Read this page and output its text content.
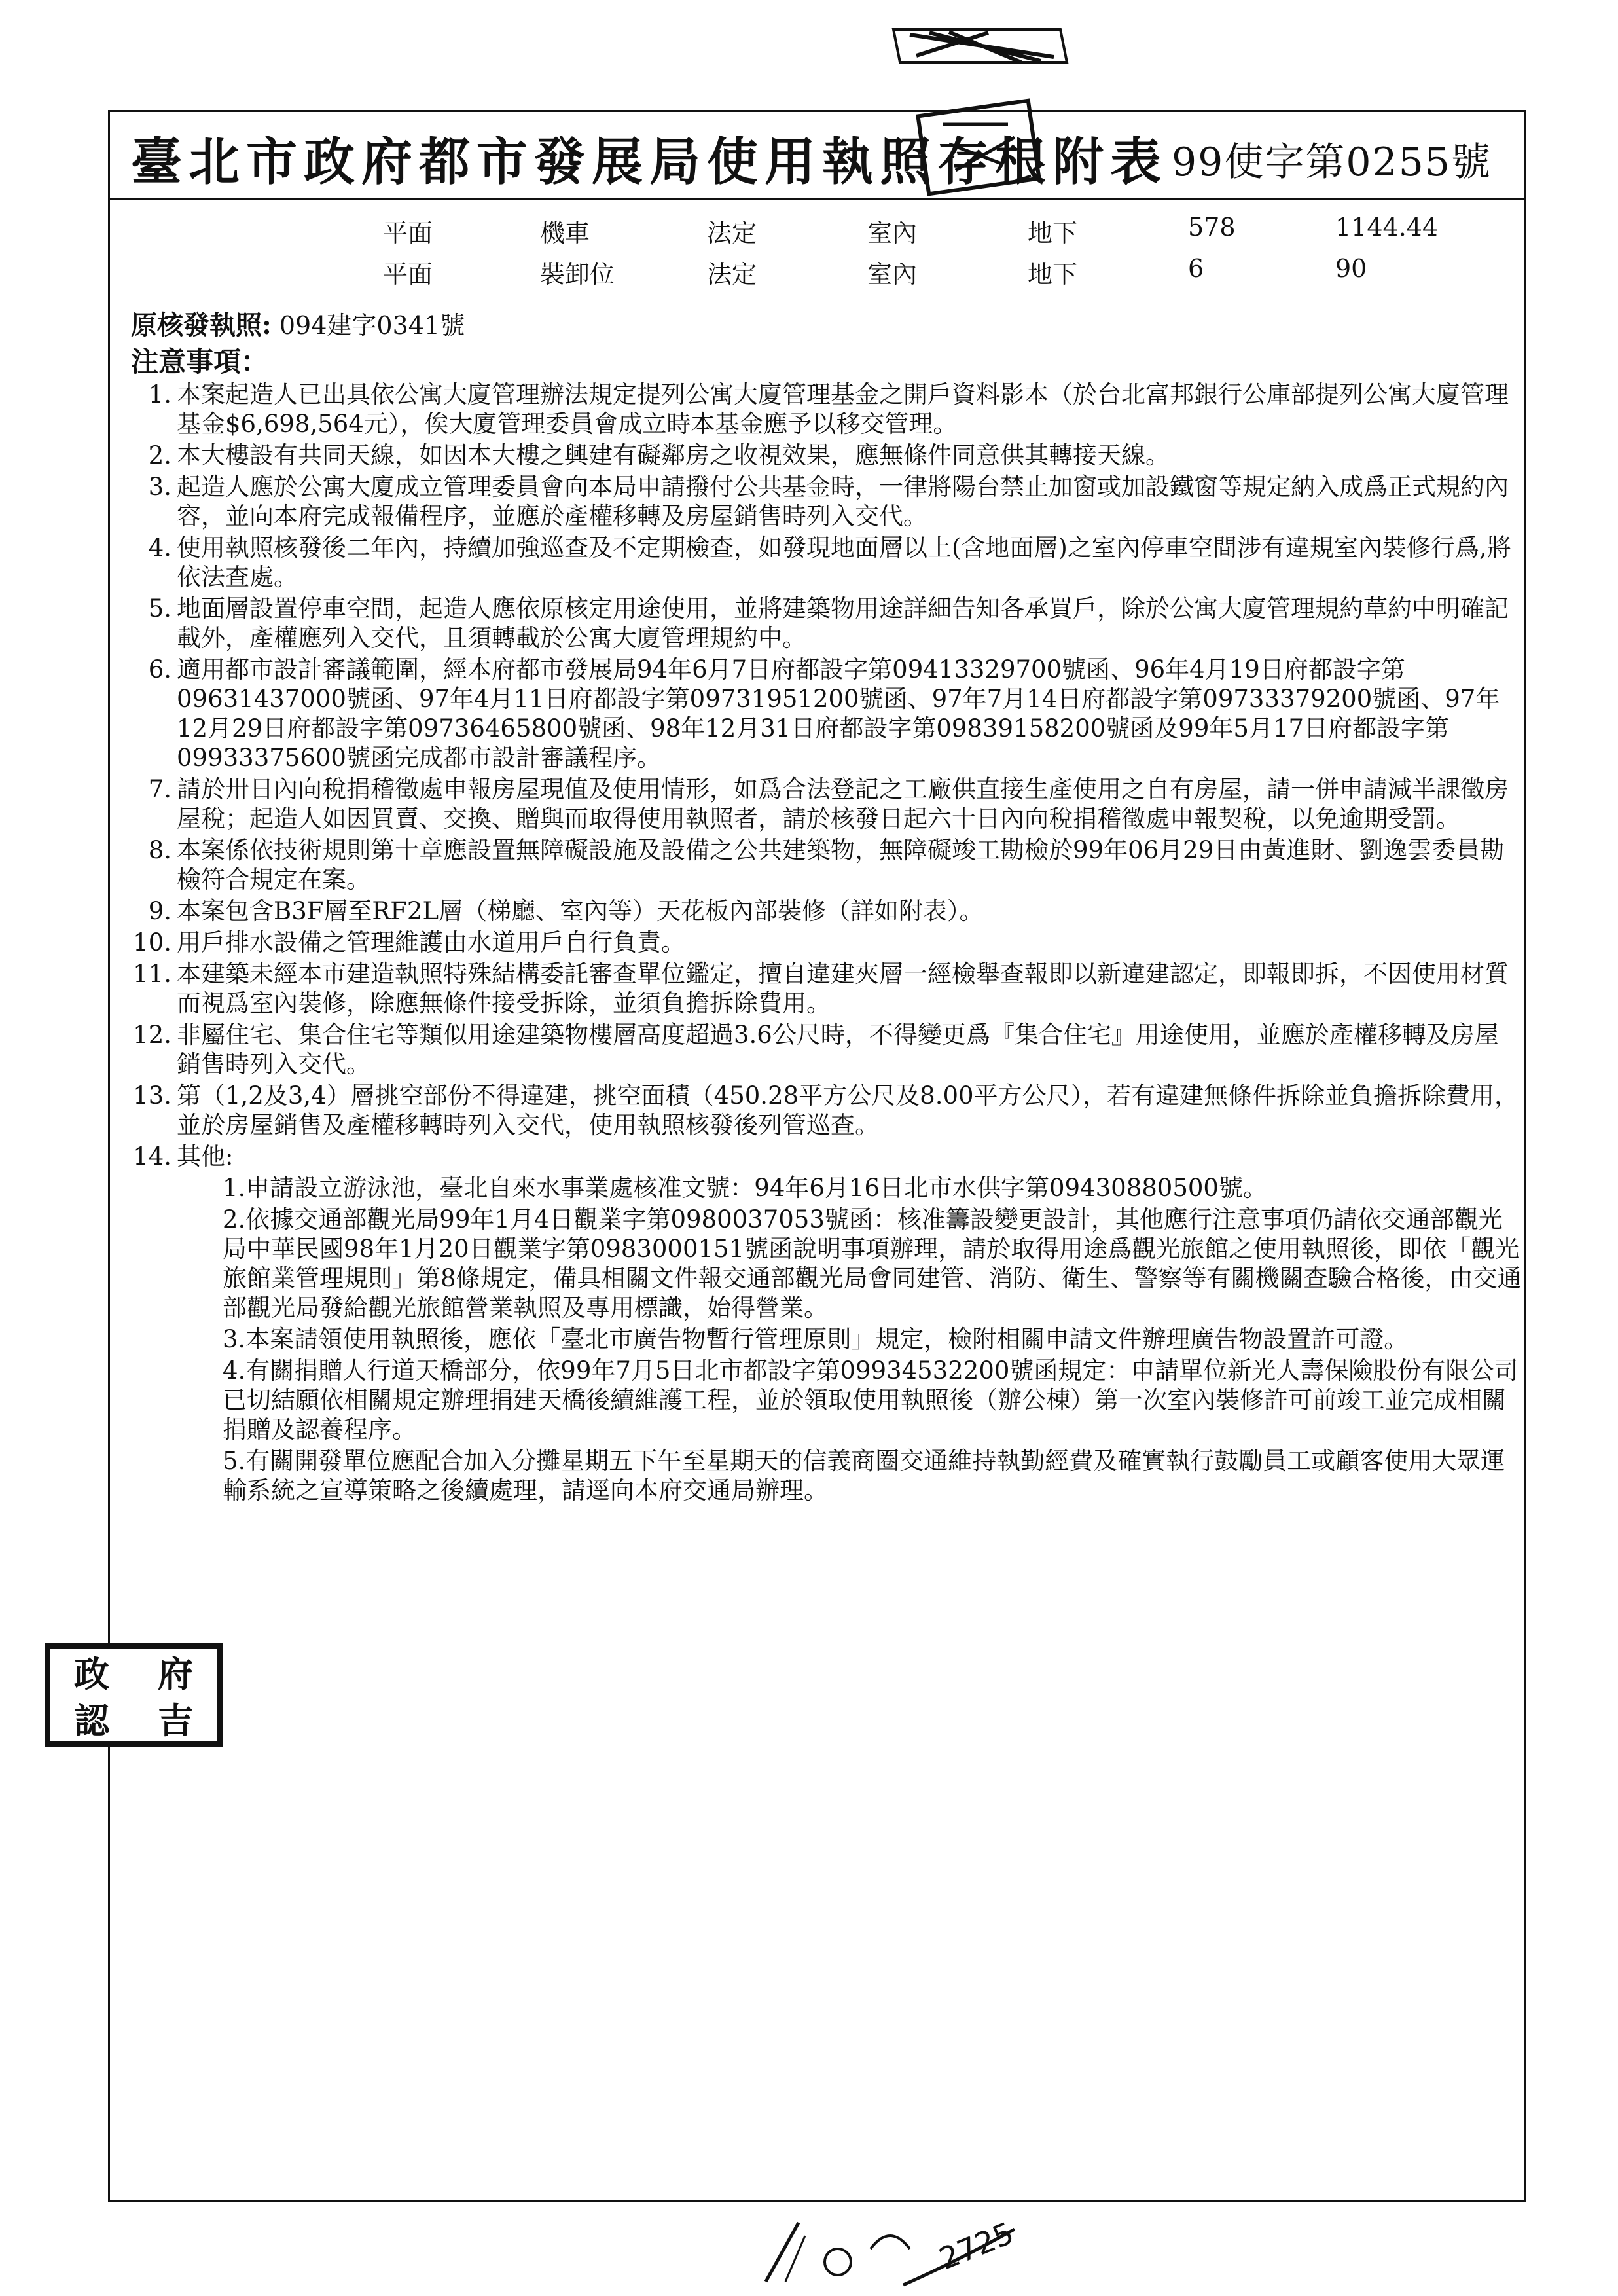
臺北市政府都市發展局使用執照存根附表 99使字第0255號
平面	機車	法定	室內	地下	578	1144.44
平面	裝卸位	法定	室內	地下	6	90
原核發執照: 094建字0341號
注意事項：
1. 本案起造人已出具依公寓大廈管理辦法規定提列公寓大廈管理基金之開戶資料影本（於台北富邦銀行公庫部提列公寓大廈管理基金$6,698,564元），俟大廈管理委員會成立時本基金應予以移交管理。
2. 本大樓設有共同天線，如因本大樓之興建有礙鄰房之收視效果，應無條件同意供其轉接天線。
3. 起造人應於公寓大廈成立管理委員會向本局申請撥付公共基金時，一律將陽台禁止加窗或加設鐵窗等規定納入成爲正式規約內容，並向本府完成報備程序，並應於產權移轉及房屋銷售時列入交代。
4. 使用執照核發後二年內，持續加強巡查及不定期檢查，如發現地面層以上(含地面層)之室內停車空間涉有違規室內裝修行爲,將依法查處。
5. 地面層設置停車空間，起造人應依原核定用途使用，並將建築物用途詳細告知各承買戶，除於公寓大廈管理規約草約中明確記載外，產權應列入交代，且須轉載於公寓大廈管理規約中。
6. 適用都市設計審議範圍，經本府都市發展局94年6月7日府都設字第09413329700號函、96年4月19日府都設字第09631437000號函、97年4月11日府都設字第09731951200號函、97年7月14日府都設字第09733379200號函、97年12月29日府都設字第09736465800號函、98年12月31日府都設字第09839158200號函及99年5月17日府都設字第09933375600號函完成都市設計審議程序。
7. 請於卅日內向稅捐稽徵處申報房屋現值及使用情形，如爲合法登記之工廠供直接生產使用之自有房屋，請一併申請減半課徵房屋稅；起造人如因買賣、交換、贈與而取得使用執照者，請於核發日起六十日內向稅捐稽徵處申報契稅，以免逾期受罰。
8. 本案係依技術規則第十章應設置無障礙設施及設備之公共建築物，無障礙竣工勘檢於99年06月29日由黃進財、劉逸雲委員勘檢符合規定在案。
9. 本案包含B3F層至RF2L層（梯廳、室內等）天花板內部裝修（詳如附表）。
10. 用戶排水設備之管理維護由水道用戶自行負責。
11. 本建築未經本市建造執照特殊結構委託審查單位鑑定，擅自違建夾層一經檢舉查報即以新違建認定，即報即拆，不因使用材質而視爲室內裝修，除應無條件接受拆除，並須負擔拆除費用。
12. 非屬住宅、集合住宅等類似用途建築物樓層高度超過3.6公尺時，不得變更爲『集合住宅』用途使用，並應於產權移轉及房屋銷售時列入交代。
13. 第（1,2及3,4）層挑空部份不得違建，挑空面積（450.28平方公尺及8.00平方公尺），若有違建無條件拆除並負擔拆除費用，並於房屋銷售及產權移轉時列入交代，使用執照核發後列管巡查。
14. 其他:
1.申請設立游泳池，臺北自來水事業處核准文號：94年6月16日北市水供字第09430880500號。
2.依據交通部觀光局99年1月4日觀業字第0980037053號函：核准籌設變更設計，其他應行注意事項仍請依交通部觀光局中華民國98年1月20日觀業字第0983000151號函說明事項辦理，請於取得用途爲觀光旅館之使用執照後，即依「觀光旅館業管理規則」第8條規定，備具相關文件報交通部觀光局會同建管、消防、衛生、警察等有關機關查驗合格後，由交通部觀光局發給觀光旅館營業執照及專用標識，始得營業。
3.本案請領使用執照後，應依「臺北市廣告物暫行管理原則」規定，檢附相關申請文件辦理廣告物設置許可證。
4.有關捐贈人行道天橋部分，依99年7月5日北市都設字第09934532200號函規定：申請單位新光人壽保險股份有限公司已切結願依相關規定辦理捐建天橋後續維護工程，並於領取使用執照後（辦公棟）第一次室內裝修許可前竣工並完成相關捐贈及認養程序。
5.有關開發單位應配合加入分攤星期五下午至星期天的信義商圈交通維持執勤經費及確實執行鼓勵員工或顧客使用大眾運輸系統之宣導策略之後續處理，請逕向本府交通局辦理。
政	府
認	吉
2725
